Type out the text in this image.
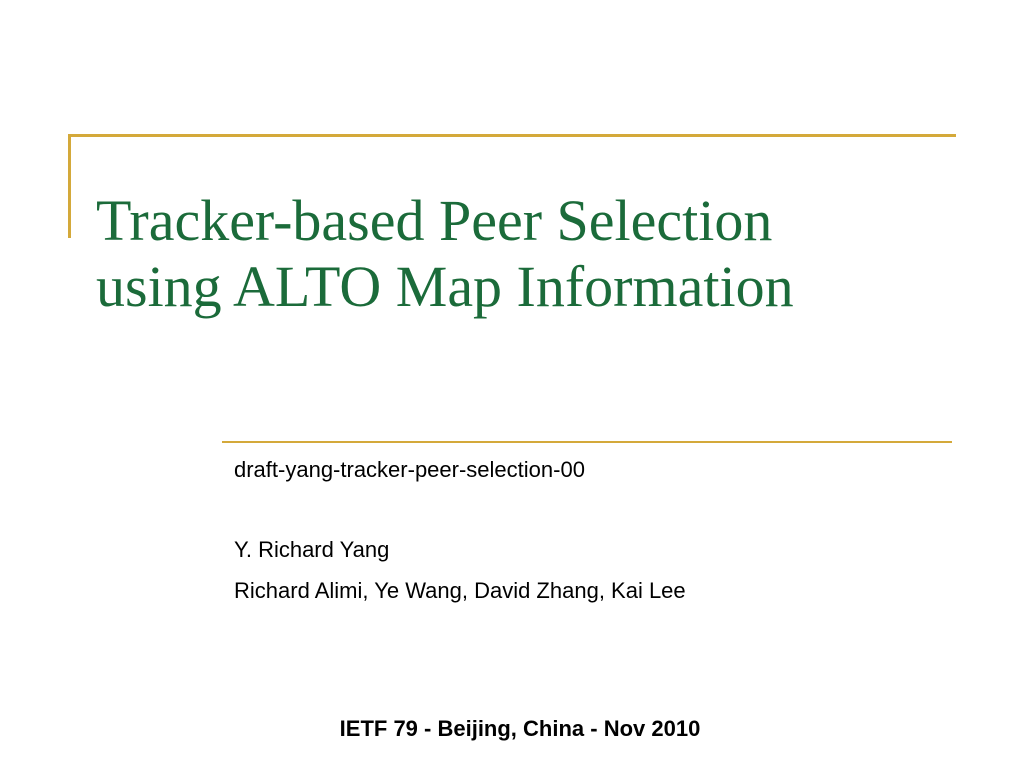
Tracker-based Peer Selection
using ALTO Map Information
draft-yang-tracker-peer-selection-00
Y. Richard Yang
Richard Alimi, Ye Wang, David Zhang, Kai Lee
IETF 79 - Beijing, China - Nov 2010
